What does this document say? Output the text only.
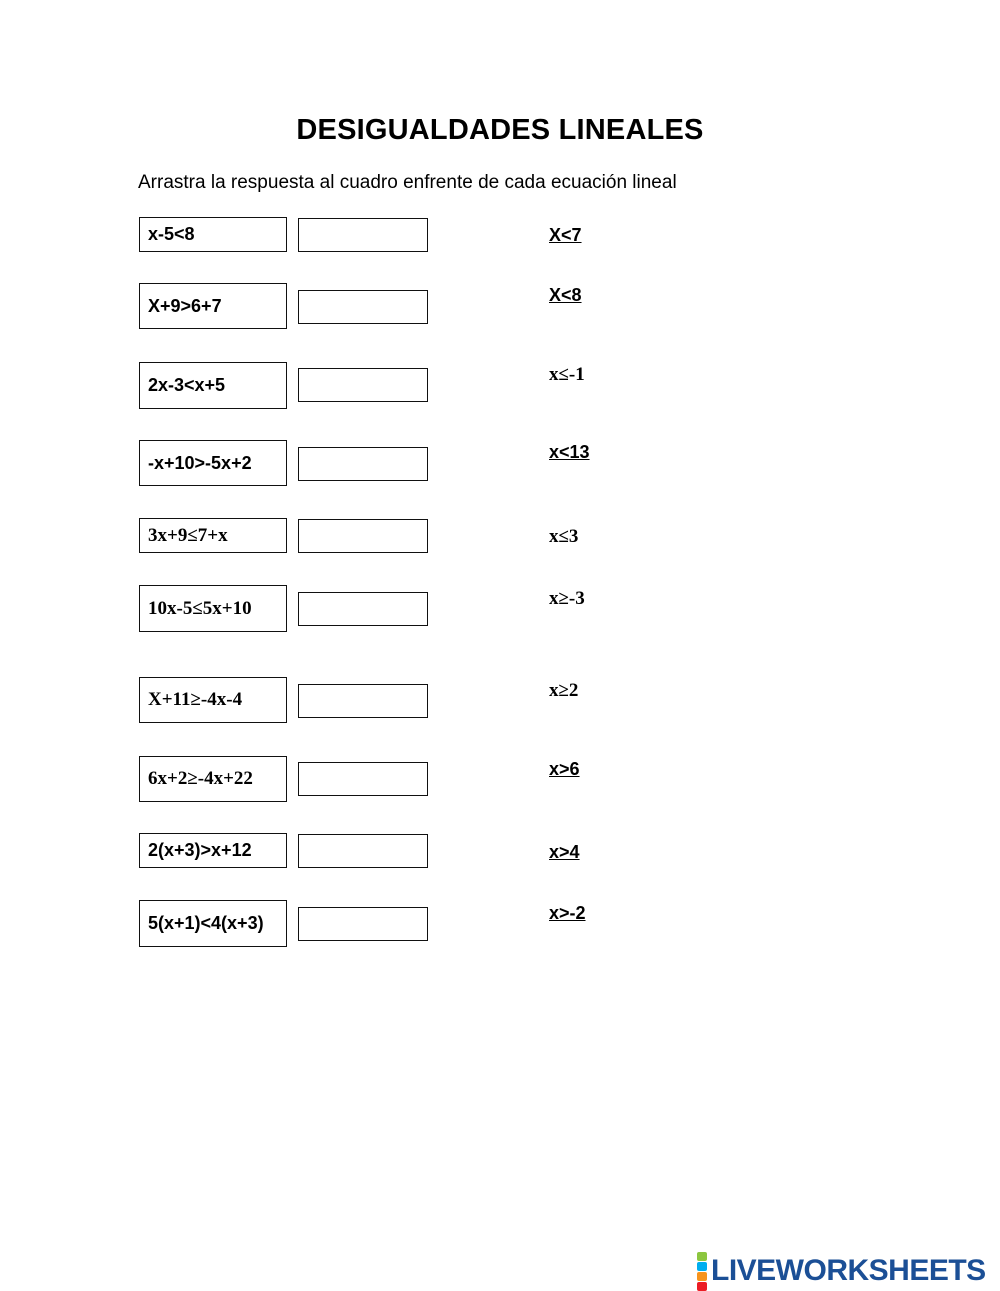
DESIGUALDADES LINEALES
Arrastra la respuesta al cuadro enfrente de cada ecuación lineal
x-5<8
X+9>6+7
2x-3<x+5
-x+10>-5x+2
3x+9≤7+x
10x-5≤5x+10
X+11≥-4x-4
6x+2≥-4x+22
2(x+3)>x+12
5(x+1)<4(x+3)
X<7
X<8
x≤-1
x<13
x≤3
x≥-3
x≥2
x>6
x>4
x>-2
LIVEWORKSHEETS
